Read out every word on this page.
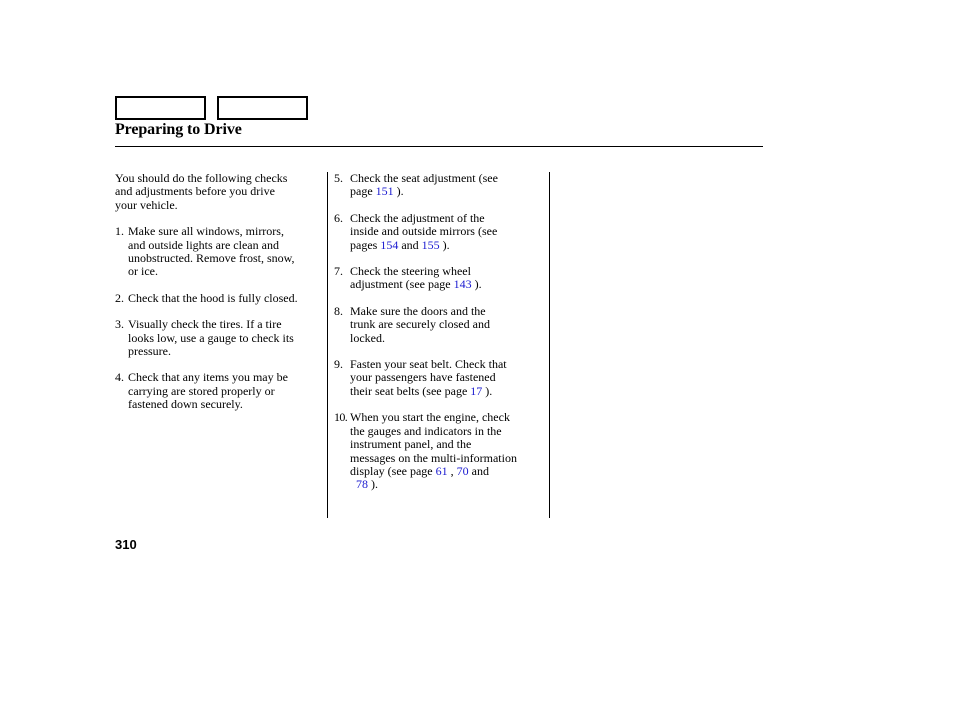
Preparing to Drive

You should do the following checks
and adjustments before you drive
your vehicle.

1. Make sure all windows, mirrors,
and outside lights are clean and
unobstructed. Remove frost, snow,
or ice.
2. Check that the hood is fully closed.
3. Visually check the tires. If a tire
looks low, use a gauge to check its
pressure.
4. Check that any items you may be
carrying are stored properly or
fastened down securely.
5. Check the seat adjustment (see
page 151 ).
6. Check the adjustment of the
inside and outside mirrors (see
pages 154 and 155 ).
7. Check the steering wheel
adjustment (see page 143 ).
8. Make sure the doors and the
trunk are securely closed and
locked.
9. Fasten your seat belt. Check that
your passengers have fastened
their seat belts (see page 17 ).
10. When you start the engine, check
the gauges and indicators in the
instrument panel, and the
messages on the multi-information
display (see page 61 , 70 and
78 ).
310
